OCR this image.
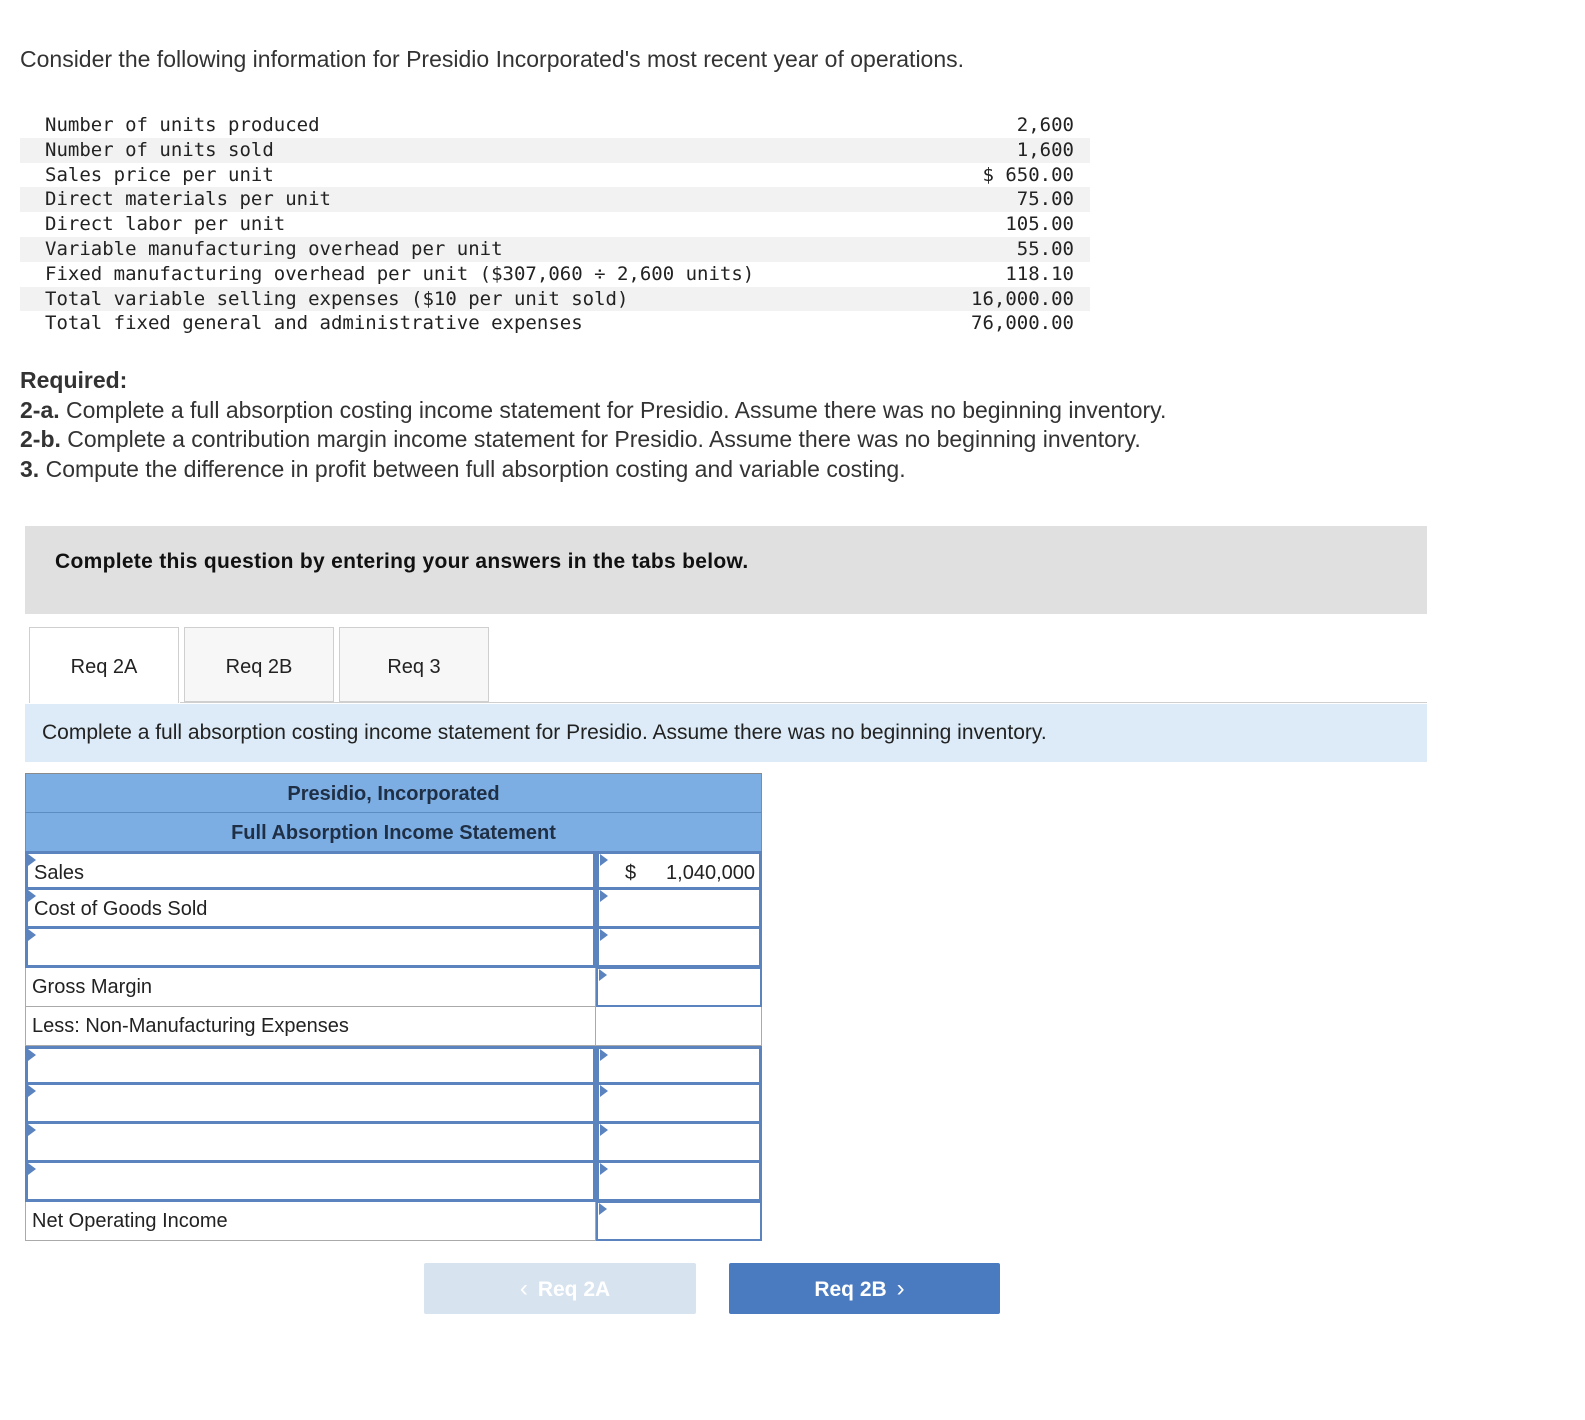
Consider the following information for Presidio Incorporated's most recent year of operations.
Number of units produced	2,600
Number of units sold	1,600
Sales price per unit	$ 650.00
Direct materials per unit	75.00
Direct labor per unit	105.00
Variable manufacturing overhead per unit	55.00
Fixed manufacturing overhead per unit ($307,060 ÷ 2,600 units)	118.10
Total variable selling expenses ($10 per unit sold)	16,000.00
Total fixed general and administrative expenses	76,000.00
Required:
2-a. Complete a full absorption costing income statement for Presidio. Assume there was no beginning inventory.
2-b. Complete a contribution margin income statement for Presidio. Assume there was no beginning inventory.
3. Compute the difference in profit between full absorption costing and variable costing.
Complete this question by entering your answers in the tabs below.
Req 2A	Req 2B	Req 3
Complete a full absorption costing income statement for Presidio. Assume there was no beginning inventory.
Presidio, Incorporated
Full Absorption Income Statement
Sales	$ 1,040,000
Cost of Goods Sold
Gross Margin
Less: Non-Manufacturing Expenses
Net Operating Income
‹ Req 2A	Req 2B ›
